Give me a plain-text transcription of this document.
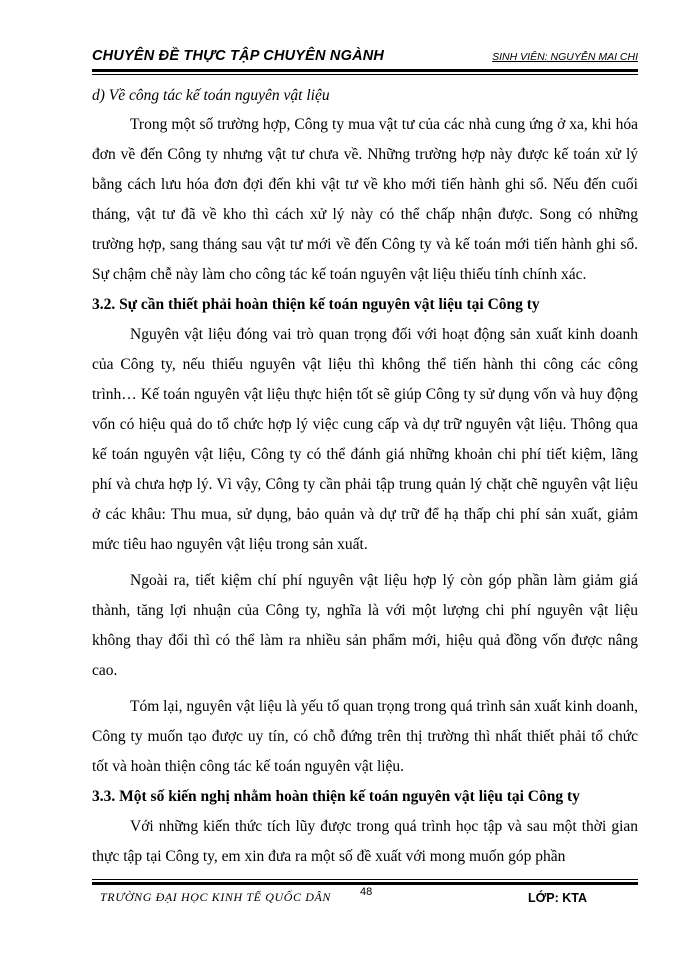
CHUYÊN ĐỀ THỰC TẬP CHUYÊN NGÀNH	SINH VIÊN: NGUYỄN MAI CHI
d) Về công tác kế toán nguyên vật liệu

Trong một số trường hợp, Công ty mua vật tư của các nhà cung ứng ở xa, khi hóa đơn về đến Công ty nhưng vật tư chưa về. Những trường hợp này được kế toán xử lý bằng cách lưu hóa đơn đợi đến khi vật tư về kho mới tiến hành ghi sổ. Nếu đến cuối tháng, vật tư đã về kho thì cách xử lý này có thể chấp nhận được. Song có những trường hợp, sang tháng sau vật tư mới về đến Công ty và kế toán mới tiến hành ghi sổ. Sự chậm chễ này làm cho công tác kế toán nguyên vật liệu thiếu tính chính xác.

3.2. Sự cần thiết phải hoàn thiện kế toán nguyên vật liệu tại Công ty

Nguyên vật liệu đóng vai trò quan trọng đối với hoạt động sản xuất kinh doanh của Công ty, nếu thiếu nguyên vật liệu thì không thể tiến hành thi công các công trình… Kế toán nguyên vật liệu thực hiện tốt sẽ giúp Công ty sử dụng vốn và huy động vốn có hiệu quả do tổ chức hợp lý việc cung cấp và dự trữ nguyên vật liệu. Thông qua kế toán nguyên vật liệu, Công ty có thể đánh giá những khoản chi phí tiết kiệm, lãng phí và chưa hợp lý. Vì vậy, Công ty cần phải tập trung quản lý chặt chẽ nguyên vật liệu ở các khâu: Thu mua, sử dụng, bảo quản và dự trữ để hạ thấp chi phí sản xuất, giảm mức tiêu hao nguyên vật liệu trong sản xuất.

Ngoài ra, tiết kiệm chí phí nguyên vật liệu hợp lý còn góp phần làm giảm giá thành, tăng lợi nhuận của Công ty, nghĩa là với một lượng chi phí nguyên vật liệu không thay đổi thì có thể làm ra nhiều sản phẩm mới, hiệu quả đồng vốn được nâng cao.

Tóm lại, nguyên vật liệu là yếu tố quan trọng trong quá trình sản xuất kinh doanh, Công ty muốn tạo được uy tín, có chỗ đứng trên thị trường thì nhất thiết phải tổ chức tốt và hoàn thiện công tác kế toán nguyên vật liệu.

3.3. Một số kiến nghị nhằm hoàn thiện kế toán nguyên vật liệu tại Công ty

Với những kiến thức tích lũy được trong quá trình học tập và sau một thời gian thực tập tại Công ty, em xin đưa ra một số đề xuất với mong muốn góp phần

TRƯỜNG ĐẠI HỌC KINH TẾ QUỐC DÂN	48	LỚP: KTA
